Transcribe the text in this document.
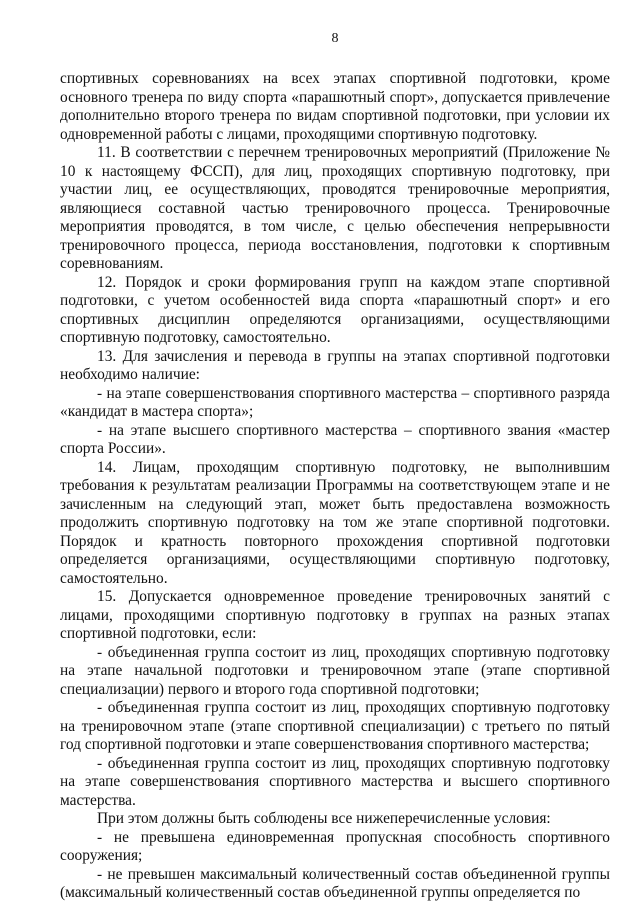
8

спортивных соревнованиях на всех этапах спортивной подготовки, кроме основного тренера по виду спорта «парашютный спорт», допускается привлечение дополнительно второго тренера по видам спортивной подготовки, при условии их одновременной работы с лицами, проходящими спортивную подготовку.

11. В соответствии с перечнем тренировочных мероприятий (Приложение № 10 к настоящему ФССП), для лиц, проходящих спортивную подготовку, при участии лиц, ее осуществляющих, проводятся тренировочные мероприятия, являющиеся составной частью тренировочного процесса. Тренировочные мероприятия проводятся, в том числе, с целью обеспечения непрерывности тренировочного процесса, периода восстановления, подготовки к спортивным соревнованиям.

12. Порядок и сроки формирования групп на каждом этапе спортивной подготовки, с учетом особенностей вида спорта «парашютный спорт» и его спортивных дисциплин определяются организациями, осуществляющими спортивную подготовку, самостоятельно.

13. Для зачисления и перевода в группы на этапах спортивной подготовки необходимо наличие:

- на этапе совершенствования спортивного мастерства – спортивного разряда «кандидат в мастера спорта»;

- на этапе высшего спортивного мастерства – спортивного звания «мастер спорта России».

14. Лицам, проходящим спортивную подготовку, не выполнившим требования к результатам реализации Программы на соответствующем этапе и не зачисленным на следующий этап, может быть предоставлена возможность продолжить спортивную подготовку на том же этапе спортивной подготовки. Порядок и кратность повторного прохождения спортивной подготовки определяется организациями, осуществляющими спортивную подготовку, самостоятельно.

15. Допускается одновременное проведение тренировочных занятий с лицами, проходящими спортивную подготовку в группах на разных этапах спортивной подготовки, если:

- объединенная группа состоит из лиц, проходящих спортивную подготовку на этапе начальной подготовки и тренировочном этапе (этапе спортивной специализации) первого и второго года спортивной подготовки;

- объединенная группа состоит из лиц, проходящих спортивную подготовку на тренировочном этапе (этапе спортивной специализации) с третьего по пятый год спортивной подготовки и этапе совершенствования спортивного мастерства;

- объединенная группа состоит из лиц, проходящих спортивную подготовку на этапе совершенствования спортивного мастерства и высшего спортивного мастерства.

При этом должны быть соблюдены все нижеперечисленные условия:

- не превышена единовременная пропускная способность спортивного сооружения;

- не превышен максимальный количественный состав объединенной группы (максимальный количественный состав объединенной группы определяется по
